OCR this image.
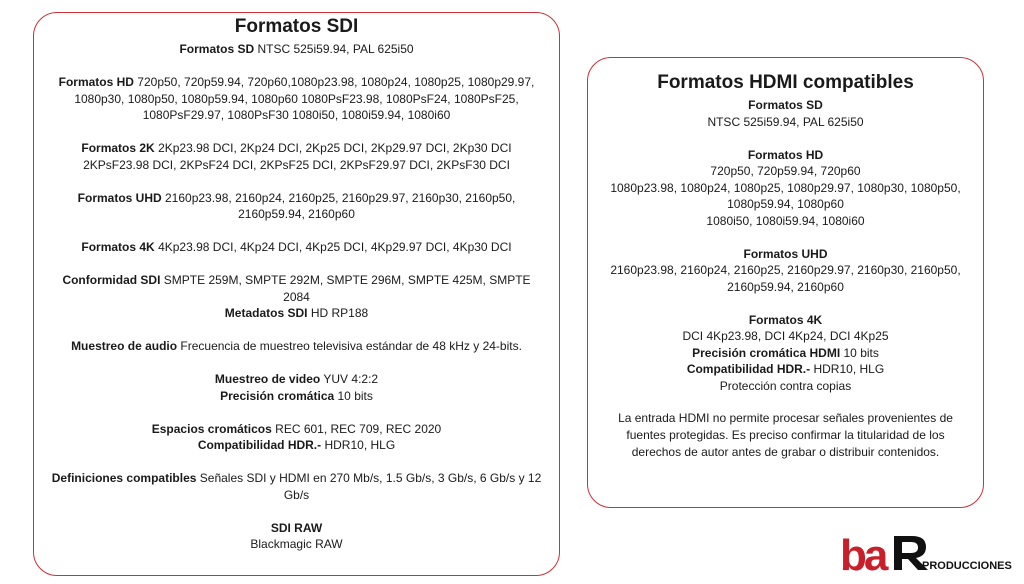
Formatos SDI

Formatos SD NTSC 525i59.94, PAL 625i50

Formatos HD 720p50, 720p59.94, 720p60,1080p23.98, 1080p24, 1080p25, 1080p29.97, 1080p30, 1080p50, 1080p59.94, 1080p60 1080PsF23.98, 1080PsF24, 1080PsF25, 1080PsF29.97, 1080PsF30 1080i50, 1080i59.94, 1080i60

Formatos 2K 2Kp23.98 DCI, 2Kp24 DCI, 2Kp25 DCI, 2Kp29.97 DCI, 2Kp30 DCI 2KPsF23.98 DCI, 2KPsF24 DCI, 2KPsF25 DCI, 2KPsF29.97 DCI, 2KPsF30 DCI

Formatos UHD 2160p23.98, 2160p24, 2160p25, 2160p29.97, 2160p30, 2160p50, 2160p59.94, 2160p60

Formatos 4K 4Kp23.98 DCI, 4Kp24 DCI, 4Kp25 DCI, 4Kp29.97 DCI, 4Kp30 DCI

Conformidad SDI SMPTE 259M, SMPTE 292M, SMPTE 296M, SMPTE 425M, SMPTE 2084

Metadatos SDI HD RP188

Muestreo de audio Frecuencia de muestreo televisiva estándar de 48 kHz y 24-bits.

Muestreo de video YUV 4:2:2

Precisión cromática 10 bits

Espacios cromáticos REC 601, REC 709, REC 2020

Compatibilidad HDR.- HDR10, HLG

Definiciones compatibles Señales SDI y HDMI en 270 Mb/s, 1.5 Gb/s, 3 Gb/s, 6 Gb/s y 12 Gb/s

SDI RAW

Blackmagic RAW

Formatos HDMI compatibles

Formatos SD

NTSC 525i59.94, PAL 625i50

Formatos HD

720p50, 720p59.94, 720p60

1080p23.98, 1080p24, 1080p25, 1080p29.97, 1080p30, 1080p50, 1080p59.94, 1080p60

1080i50, 1080i59.94, 1080i60

Formatos UHD

2160p23.98, 2160p24, 2160p25, 2160p29.97, 2160p30, 2160p50, 2160p59.94, 2160p60

Formatos 4K

DCI 4Kp23.98, DCI 4Kp24, DCI 4Kp25

Precisión cromática HDMI 10 bits

Compatibilidad HDR.- HDR10, HLG

Protección contra copias

La entrada HDMI no permite procesar señales provenientes de fuentes protegidas. Es preciso confirmar la titularidad de los derechos de autor antes de grabar o distribuir contenidos.

ba	PRODUCCIONES
